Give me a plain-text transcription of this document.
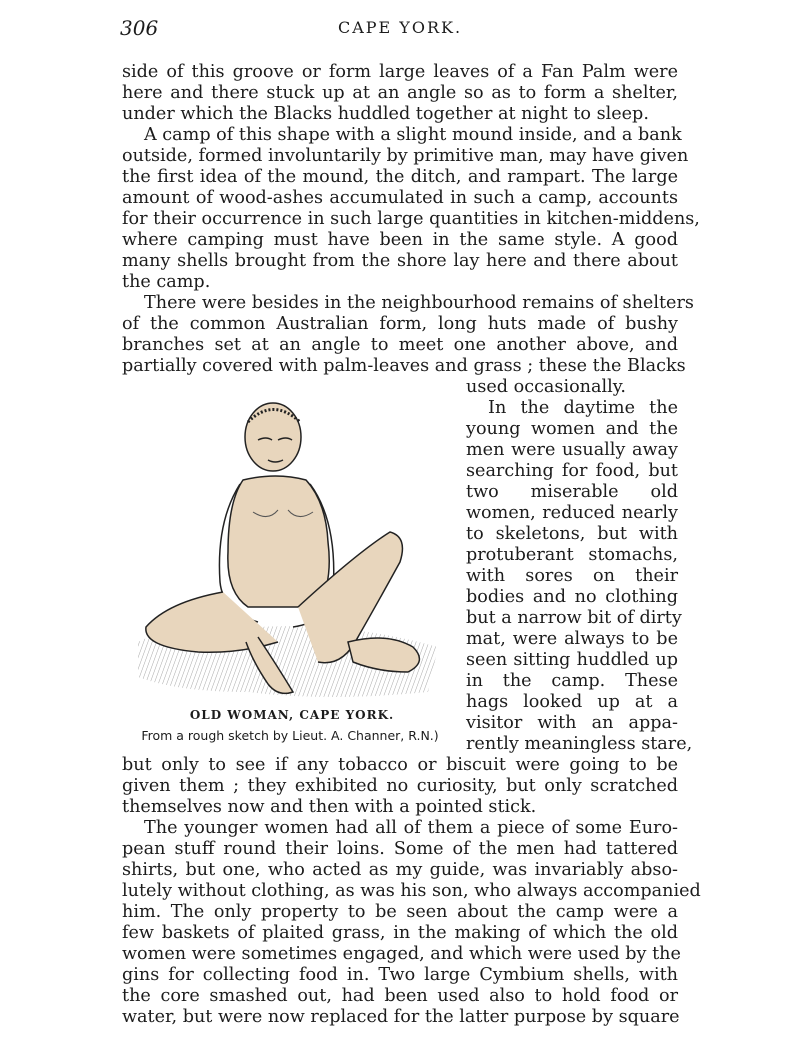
306	CAPE YORK.
side of this groove or form large leaves of a Fan Palm were
here and there stuck up at an angle so as to form a shelter,
under which the Blacks huddled together at night to sleep.
A camp of this shape with a slight mound inside, and a bank
outside, formed involuntarily by primitive man, may have given
the first idea of the mound, the ditch, and rampart. The large
amount of wood-ashes accumulated in such a camp, accounts
for their occurrence in such large quantities in kitchen-middens,
where camping must have been in the same style. A good
many shells brought from the shore lay here and there about
the camp.
There were besides in the neighbourhood remains of shelters
of the common Australian form, long huts made of bushy
branches set at an angle to meet one another above, and
partially covered with palm-leaves and grass ; these the Blacks
used occasionally.
In the daytime the
young women and the
men were usually away
searching for food, but
two miserable old
women, reduced nearly
to skeletons, but with
protuberant stomachs,
with sores on their
bodies and no clothing
but a narrow bit of dirty
mat, were always to be
seen sitting huddled up
in the camp. These
hags looked up at a
visitor with an appa-
rently meaningless stare,
but only to see if any tobacco or biscuit were going to be
given them ; they exhibited no curiosity, but only scratched
themselves now and then with a pointed stick.
The younger women had all of them a piece of some Euro-
pean stuff round their loins. Some of the men had tattered
shirts, but one, who acted as my guide, was invariably abso-
lutely without clothing, as was his son, who always accompanied
him. The only property to be seen about the camp were a
few baskets of plaited grass, in the making of which the old
women were sometimes engaged, and which were used by the
gins for collecting food in. Two large Cymbium shells, with
the core smashed out, had been used also to hold food or
water, but were now replaced for the latter purpose by square
OLD WOMAN, CAPE YORK.
From a rough sketch by Lieut. A. Channer, R.N.)
